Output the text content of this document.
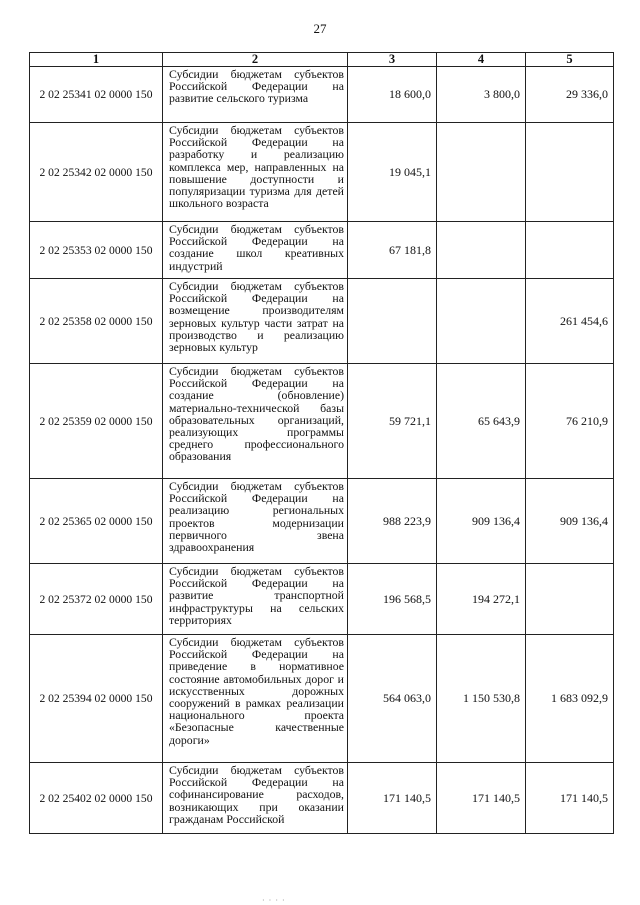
27
1	2	3	4	5
2 02 25341 02 0000 150	Субсидии бюджетам субъектов Российской Федерации на развитие сельского туризма	18 600,0	3 800,0	29 336,0
2 02 25342 02 0000 150	Субсидии бюджетам субъектов Российской Федерации на разработку и реализацию комплекса мер, направленных на повышение доступности и популяризации туризма для детей школьного возраста	19 045,1		
2 02 25353 02 0000 150	Субсидии бюджетам субъектов Российской Федерации на создание школ креативных индустрий	67 181,8		
2 02 25358 02 0000 150	Субсидии бюджетам субъектов Российской Федерации на возмещение производителям зерновых культур части затрат на производство и реализацию зерновых культур			261 454,6
2 02 25359 02 0000 150	Субсидии бюджетам субъектов Российской Федерации на создание (обновление) материально-технической базы образовательных организаций, реализующих программы среднего профессионального образования	59 721,1	65 643,9	76 210,9
2 02 25365 02 0000 150	Субсидии бюджетам субъектов Российской Федерации на реализацию региональных проектов модернизации первичного звена здравоохранения	988 223,9	909 136,4	909 136,4
2 02 25372 02 0000 150	Субсидии бюджетам субъектов Российской Федерации на развитие транспортной инфраструктуры на сельских территориях	196 568,5	194 272,1	
2 02 25394 02 0000 150	Субсидии бюджетам субъектов Российской Федерации на приведение в нормативное состояние автомобильных дорог и искусственных дорожных сооружений в рамках реализации национального проекта «Безопасные качественные дороги»	564 063,0	1 150 530,8	1 683 092,9
2 02 25402 02 0000 150	Субсидии бюджетам субъектов Российской Федерации на софинансирование расходов, возникающих при оказании гражданам Российской	171 140,5	171 140,5	171 140,5
· · · ·
